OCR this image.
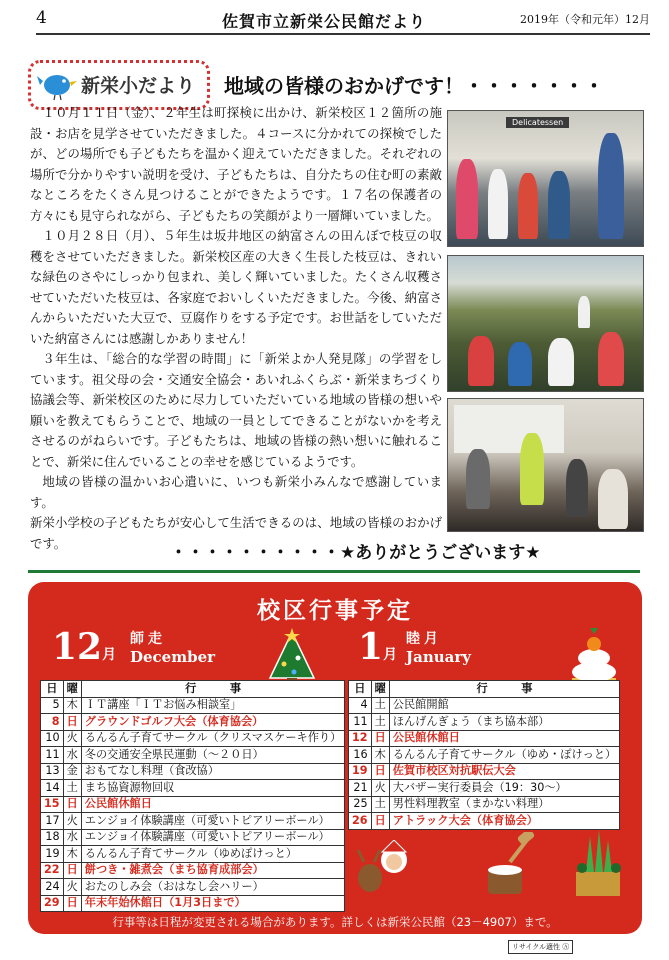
4	佐賀市立新栄公民館だより	2019年（令和元年）12月
新栄小だより 地域の皆様のおかげです！・・・・・・・

１０月１１日（金）、２年生は町探検に出かけ、新栄校区１２箇所の施設・お店を見学させていただきました。４コースに分かれての探検でしたが、どの場所でも子どもたちを温かく迎えていただきました。それぞれの場所で分かりやすい説明を受け、子どもたちは、自分たちの住む町の素敵なところをたくさん見つけることができたようです。１７名の保護者の方々にも見守られながら、子どもたちの笑顔がより一層輝いていました。

１０月２８日（月）、５年生は坂井地区の納富さんの田んぼで枝豆の収穫をさせていただきました。新栄校区産の大きく生長した枝豆は、きれいな緑色のさやにしっかり包まれ、美しく輝いていました。たくさん収穫させていただいた枝豆は、各家庭でおいしくいただきました。今後、納富さんからいただいた大豆で、豆腐作りをする予定です。お世話をしていただいた納富さんには感謝しかありません！

３年生は、「総合的な学習の時間」に「新栄よか人発見隊」の学習をしています。祖父母の会・交通安全協会・あいれふくらぶ・新栄まちづくり協議会等、新栄校区のために尽力していただいている地域の皆様の想いや願いを教えてもらうことで、地域の一員としてできることがないかを考えさせるのがねらいです。子どもたちは、地域の皆様の熱い想いに触れることで、新栄に住んでいることの幸せを感じているようです。

地域の皆様の温かいお心遣いに、いつも新栄小みんなで感謝しています。

新栄小学校の子どもたちが安心して生活できるのは、地域の皆様のおかげです。

Delicatessen
・・・・・・・・・・★ありがとうございます★
校区行事予定
12月
師走
December	1月
睦月
January
日	曜	行　　　事
5	木	ＩＴ講座「ＩＴお悩み相談室」
8	日	グラウンドゴルフ大会（体育協会）
10	火	るんるん子育てサークル（クリスマスケーキ作り）
11	水	冬の交通安全県民運動（～２０日）
13	金	おもてなし料理（食改協）
14	土	まち協資源物回収
15	日	公民館休館日
17	火	エンジョイ体験講座（可愛いトピアリーボール）
18	水	エンジョイ体験講座（可愛いトピアリーボール）
19	木	るんるん子育てサークル（ゆめぽけっと）
22	日	餅つき・雑煮会（まち協育成部会）
24	火	おたのしみ会（おはなし会ハリー）
29	日	年末年始休館日（1月3日まで）
日	曜	行　　　事
4	土	公民館開館
11	土	ほんげんぎょう（まち協本部）
12	日	公民館休館日
16	木	るんるん子育てサークル（ゆめ・ぽけっと）
19	日	佐賀市校区対抗駅伝大会
21	火	大バザー実行委員会（19：30～）
25	土	男性料理教室（まかない料理）
26	日	アトラック大会（体育協会）
行事等は日程が変更される場合があります。詳しくは新栄公民館（23－4907）まで。
リサイクル適性 Ⓐ
